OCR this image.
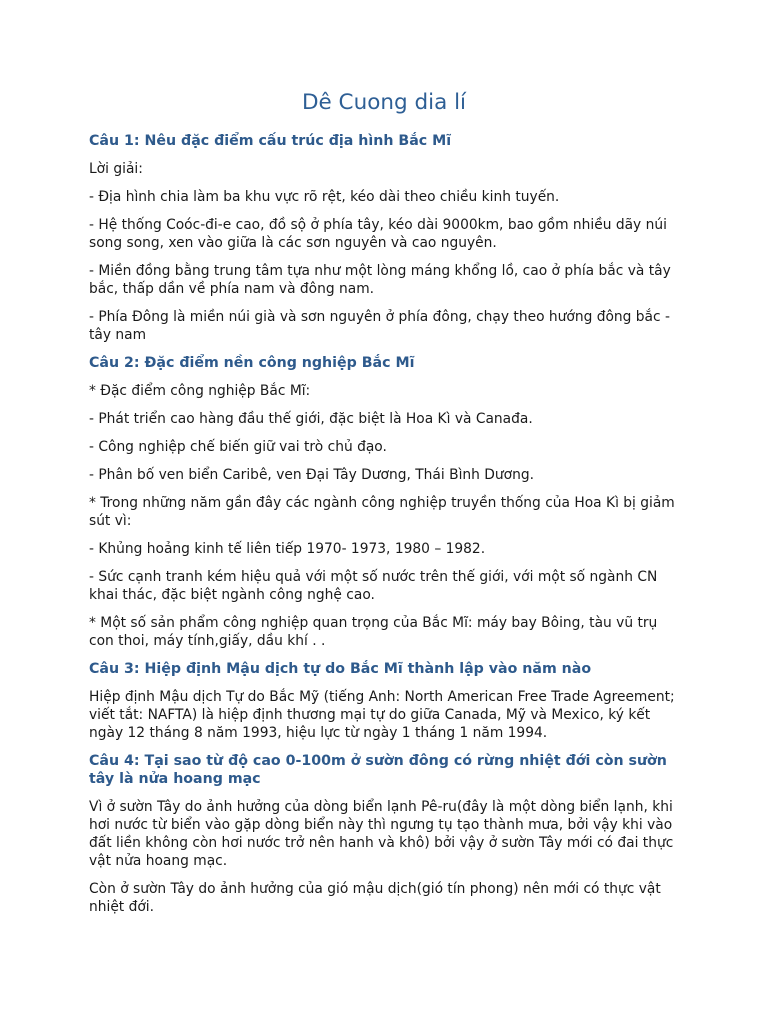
Dê Cuong dia lí
Câu 1: Nêu đặc điểm cấu trúc địa hình Bắc Mĩ

Lời giải:

- Địa hình chia làm ba khu vực rõ rệt, kéo dài theo chiều kinh tuyến.

- Hệ thống Coóc-đi-e cao, đồ sộ ở phía tây, kéo dài 9000km, bao gồm nhiều dãy núi song song, xen vào giữa là các sơn nguyên và cao nguyên.

- Miền đồng bằng trung tâm tựa như một lòng máng khổng lồ, cao ở phía bắc và tây bắc, thấp dần về phía nam và đông nam.

- Phía Đông là miền núi già và sơn nguyên ở phía đông, chạy theo hướng đông bắc - tây nam

Câu 2: Đặc điểm nền công nghiệp Bắc Mĩ

* Đặc điểm công nghiệp Bắc Mĩ:

- Phát triển cao hàng đầu thế giới, đặc biệt là Hoa Kì và Canađa.

- Công nghiệp chế biến giữ vai trò chủ đạo.

- Phân bố ven biển Caribê, ven Đại Tây Dương, Thái Bình Dương.

* Trong những năm gần đây các ngành công nghiệp truyền thống của Hoa Kì bị giảm sút vì:

- Khủng hoảng kinh tế liên tiếp 1970- 1973, 1980 – 1982.

- Sức cạnh tranh kém hiệu quả với một số nước trên thế giới, với một số ngành CN khai thác, đặc biệt ngành công nghệ cao.

* Một số sản phẩm công nghiệp quan trọng của Bắc Mĩ: máy bay Bôing, tàu vũ trụ con thoi, máy tính,giấy, dầu khí . .

Câu 3: Hiệp định Mậu dịch tự do Bắc Mĩ thành lập vào năm nào

Hiệp định Mậu dịch Tự do Bắc Mỹ (tiếng Anh: North American Free Trade Agreement; viết tắt: NAFTA) là hiệp định thương mại tự do giữa Canada, Mỹ và Mexico, ký kết ngày 12 tháng 8 năm 1993, hiệu lực từ ngày 1 tháng 1 năm 1994.

Câu 4: Tại sao từ độ cao 0-100m ở sườn đông có rừng nhiệt đới còn sườn tây là nửa hoang mạc

Vì ở sườn Tây do ảnh hưởng của dòng biển lạnh Pê-ru(đây là một dòng biển lạnh, khi hơi nước từ biển vào gặp dòng biển này thì ngưng tụ tạo thành mưa, bởi vậy khi vào đất liền không còn hơi nước trở nên hanh và khô) bởi vậy ở sườn Tây mới có đai thực vật nửa hoang mạc.

Còn ở sườn Tây do ảnh hưởng của gió mậu dịch(gió tín phong) nên mới có thực vật nhiệt đới.
